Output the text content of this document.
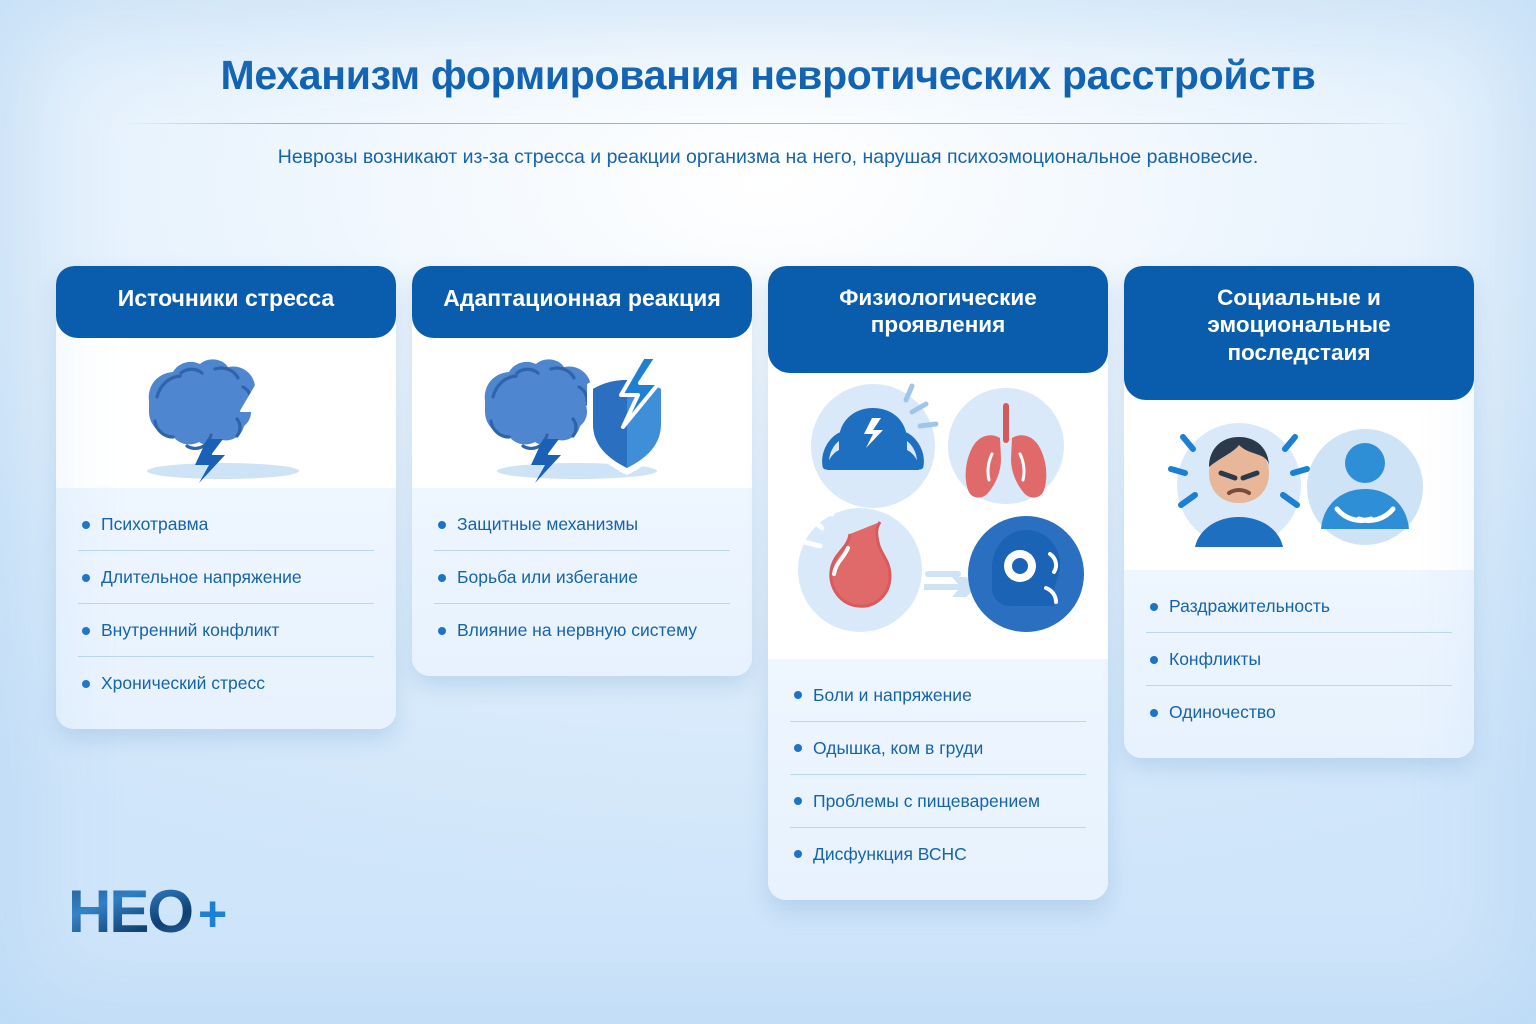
Механизм формирования невротических расстройств

Неврозы возникают из-за стресса и реакции организма на него, нарушая психоэмоциональное равновесие.

Источники стресса
Психотравма
Длительное напряжение
Внутренний конфликт
Хронический стресс
Адаптационная реакция
Защитные механизмы
Борьба или избегание
Влияние на нервную систему
Физиологические проявления
Боли и напряжение
Одышка, ком в груди
Проблемы с пищеварением
Дисфункция ВСНС
Социальные и эмоциональные последстаия
Раздражительность
Конфликты
Одиночество
HEO +
